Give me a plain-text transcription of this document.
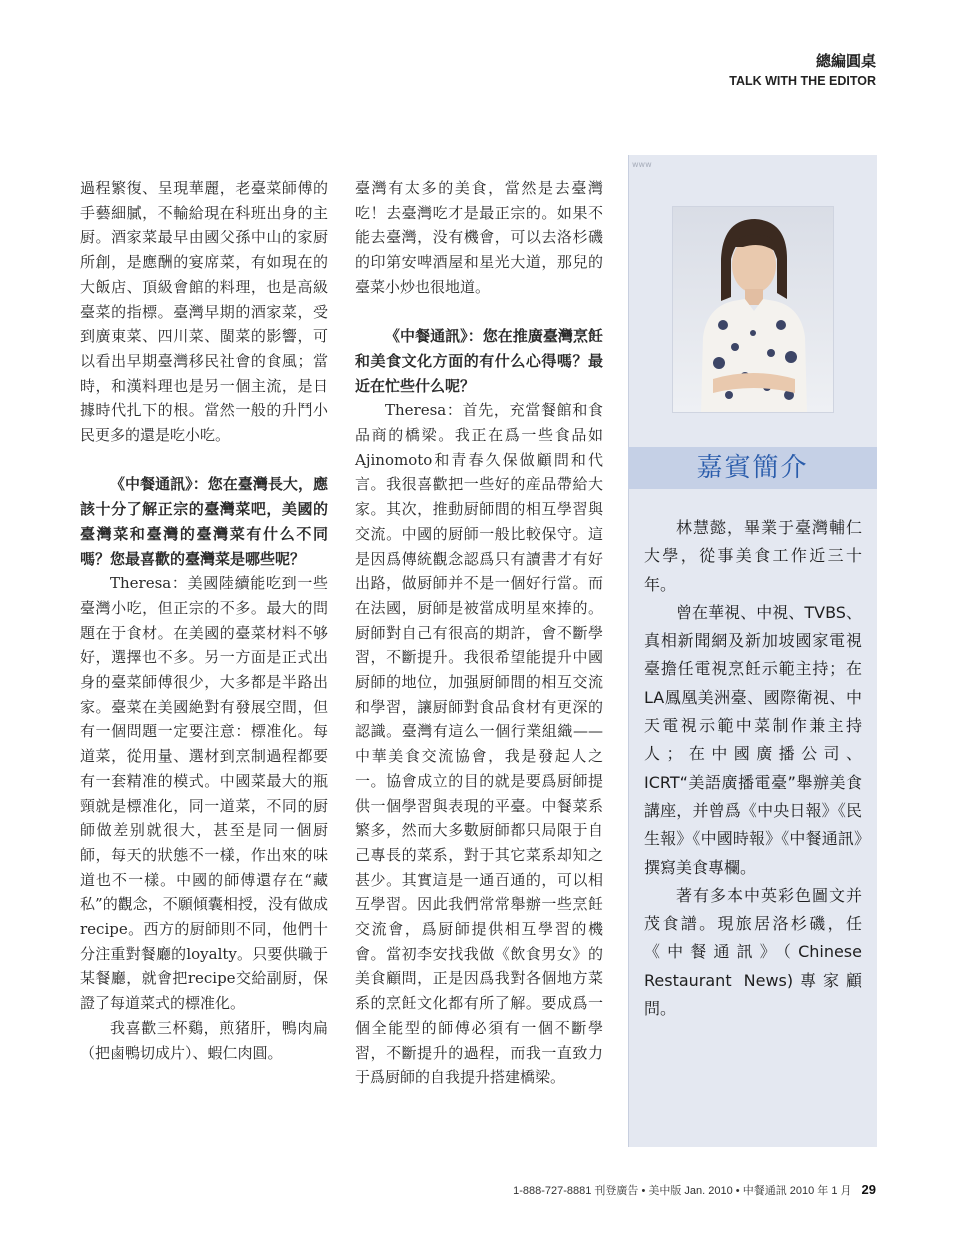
總編圓桌
TALK WITH THE EDITOR

過程繁復、呈現華麗，老臺菜師傅的手藝細膩，不輸給現在科班出身的主厨。酒家菜最早由國父孫中山的家厨所創，是應酬的宴席菜，有如現在的大飯店、頂級會館的料理，也是高級臺菜的指標。臺灣早期的酒家菜，受到廣東菜、四川菜、閩菜的影響，可以看出早期臺灣移民社會的食風；當時，和漢料理也是另一個主流，是日據時代扎下的根。當然一般的升鬥小民更多的還是吃小吃。

《中餐通訊》：您在臺灣長大，應該十分了解正宗的臺灣菜吧，美國的臺灣菜和臺灣的臺灣菜有什么不同嗎？您最喜歡的臺灣菜是哪些呢？

Theresa：美國陸續能吃到一些臺灣小吃，但正宗的不多。最大的問題在于食材。在美國的臺菜材料不够好，選擇也不多。另一方面是正式出身的臺菜師傅很少，大多都是半路出家。臺菜在美國絶對有發展空間，但有一個問題一定要注意：標准化。每道菜，從用量、選材到烹制過程都要有一套精准的模式。中國菜最大的瓶頸就是標准化，同一道菜，不同的厨師做差别就很大，甚至是同一個厨師，每天的狀態不一樣，作出來的味道也不一樣。中國的師傅還存在“藏私”的觀念，不願傾囊相授，没有做成recipe。西方的厨師則不同，他們十分注重對餐廳的loyalty。只要供職于某餐廳，就會把recipe交給副厨，保證了每道菜式的標准化。

我喜歡三杯鷄，煎猪肝，鴨肉扁（把鹵鴨切成片）、蝦仁肉圓。

臺灣有太多的美食，當然是去臺灣吃！去臺灣吃才是最正宗的。如果不能去臺灣，没有機會，可以去洛杉磯的印第安啤酒屋和星光大道，那兒的臺菜小炒也很地道。

《中餐通訊》：您在推廣臺灣烹飪和美食文化方面的有什么心得嗎？最近在忙些什么呢？

Theresa：首先，充當餐館和食品商的橋梁。我正在爲一些食品如Ajinomoto和青春久保做顧問和代言。我很喜歡把一些好的産品帶給大家。其次，推動厨師間的相互學習與交流。中國的厨師一般比較保守。這是因爲傳統觀念認爲只有讀書才有好出路，做厨師并不是一個好行當。而在法國，厨師是被當成明星來捧的。厨師對自己有很高的期許，會不斷學習，不斷提升。我很希望能提升中國厨師的地位，加强厨師間的相互交流和學習，讓厨師對食品食材有更深的認識。臺灣有這么一個行業組織——中華美食交流協會，我是發起人之一。協會成立的目的就是要爲厨師提供一個學習與表現的平臺。中餐菜系繁多，然而大多數厨師都只局限于自己專長的菜系，對于其它菜系却知之甚少。其實這是一通百通的，可以相互學習。因此我們常常舉辦一些烹飪交流會，爲厨師提供相互學習的機會。當初李安找我做《飲食男女》的美食顧問，正是因爲我對各個地方菜系的烹飪文化都有所了解。要成爲一個全能型的師傅必須有一個不斷學習，不斷提升的過程，而我一直致力于爲厨師的自我提升搭建橋梁。

www
嘉賓簡介

林慧懿，畢業于臺灣輔仁大學，從事美食工作近三十年。

曾在華視、中視、TVBS、真相新聞網及新加坡國家電視臺擔任電視烹飪示範主持；在LA鳳凰美洲臺、國際衛視、中天電視示範中菜制作兼主持人；在中國廣播公司、ICRT“美語廣播電臺”舉辦美食講座，并曾爲《中央日報》《民生報》《中國時報》《中餐通訊》撰寫美食專欄。

著有多本中英彩色圖文并茂食譜。現旅居洛杉磯，任《中餐通訊》（Chinese Restaurant News)專家顧問。

1-888-727-8881 刊登廣告 • 美中版 Jan. 2010 • 中餐通訊 2010 年 1 月 29
